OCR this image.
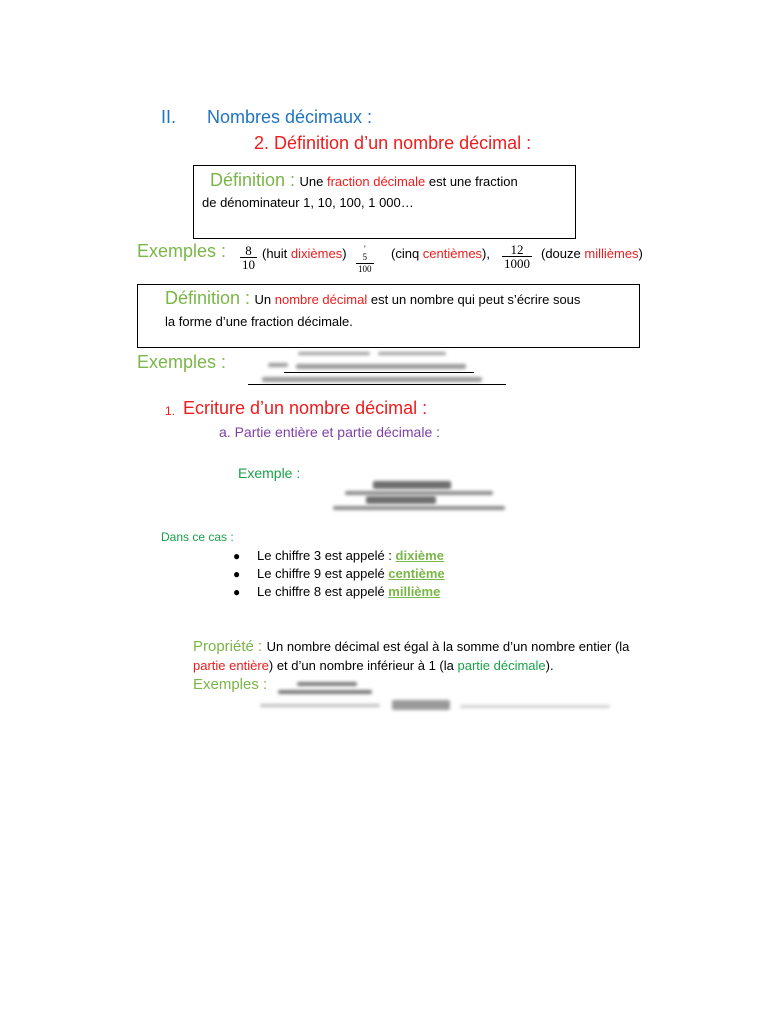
II. Nombres décimaux :
2. Définition d’un nombre décimal :
Définition : Une fraction décimale est une fraction
de dénominateur 1, 10, 100, 1 000…
Exemples : $\frac{8}{10}$ (huit dixièmes)	'
5
100
(cinq centièmes), $\frac{12}{1000}$ (douze millièmes)
Définition : Un nombre décimal est un nombre qui peut s’écrire sous
la forme d’une fraction décimale.
Exemples :
1. Ecriture d’un nombre décimal :
a. Partie entière et partie décimale :
Exemple :
Dans ce cas :
● Le chiffre 3 est appelé : dixième
● Le chiffre 9 est appelé centième
● Le chiffre 8 est appelé millième
Propriété : Un nombre décimal est égal à la somme d’un nombre entier (la
partie entière) et d’un nombre inférieur à 1 (la partie décimale).
Exemples :
